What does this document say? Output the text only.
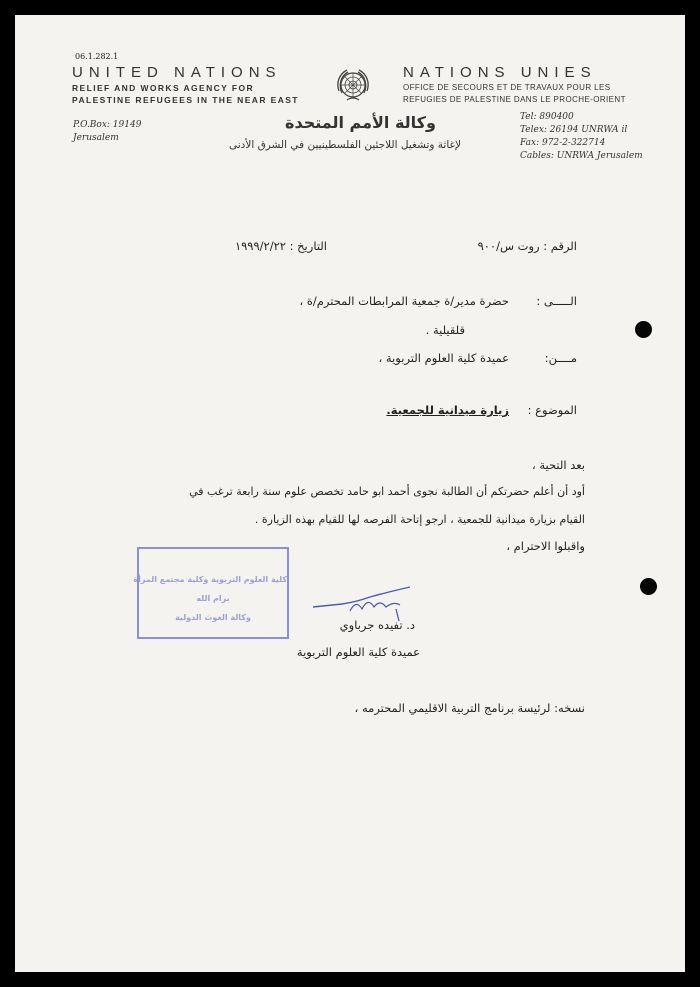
06.1.282.1
UNITED NATIONS
RELIEF AND WORKS AGENCY FOR
PALESTINE REFUGEES IN THE NEAR EAST
NATIONS UNIES
OFFICE DE SECOURS ET DE TRAVAUX POUR LES
REFUGIES DE PALESTINE DANS LE PROCHE-ORIENT
P.O.Box: 19149
Jerusalem
وكالة الأمم المتحدة
لإغاثة وتشغيل اللاجئين الفلسطينيين في الشرق الأدنى
Tel: 890400
Telex: 26194 UNRWA il
Fax: 972-2-322714
Cables: UNRWA Jerusalem
الرقم : روت س/٩٠٠
التاريخ : ١٩٩٩/٢/٢٢
الـــــى :
حضرة مدير/ة جمعية المرابطات المحترم/ة ،
قلقيلية .
مــــن:
عميدة كلية العلوم التربوية ،
الموضوع :
زيارة ميدانية للجمعية.
بعد التحية ،
أود أن أعلم حضرتكم أن الطالبة نجوى أحمد ابو حامد تخصص علوم سنة رابعة ترغب في
القيام بزيارة ميدانية للجمعية ، ارجو إتاحة الفرصه لها للقيام بهذه الزيارة .
واقبلوا الاحترام ،
كلية العلوم التربوية وكلية مجتمع المرأة
برام الله
وكالة الغوث الدولية
د. تفيده جرباوي
عميدة كلية العلوم التربوية
نسخه: لرئيسة برنامج التربية الاقليمي المحترمه ،
